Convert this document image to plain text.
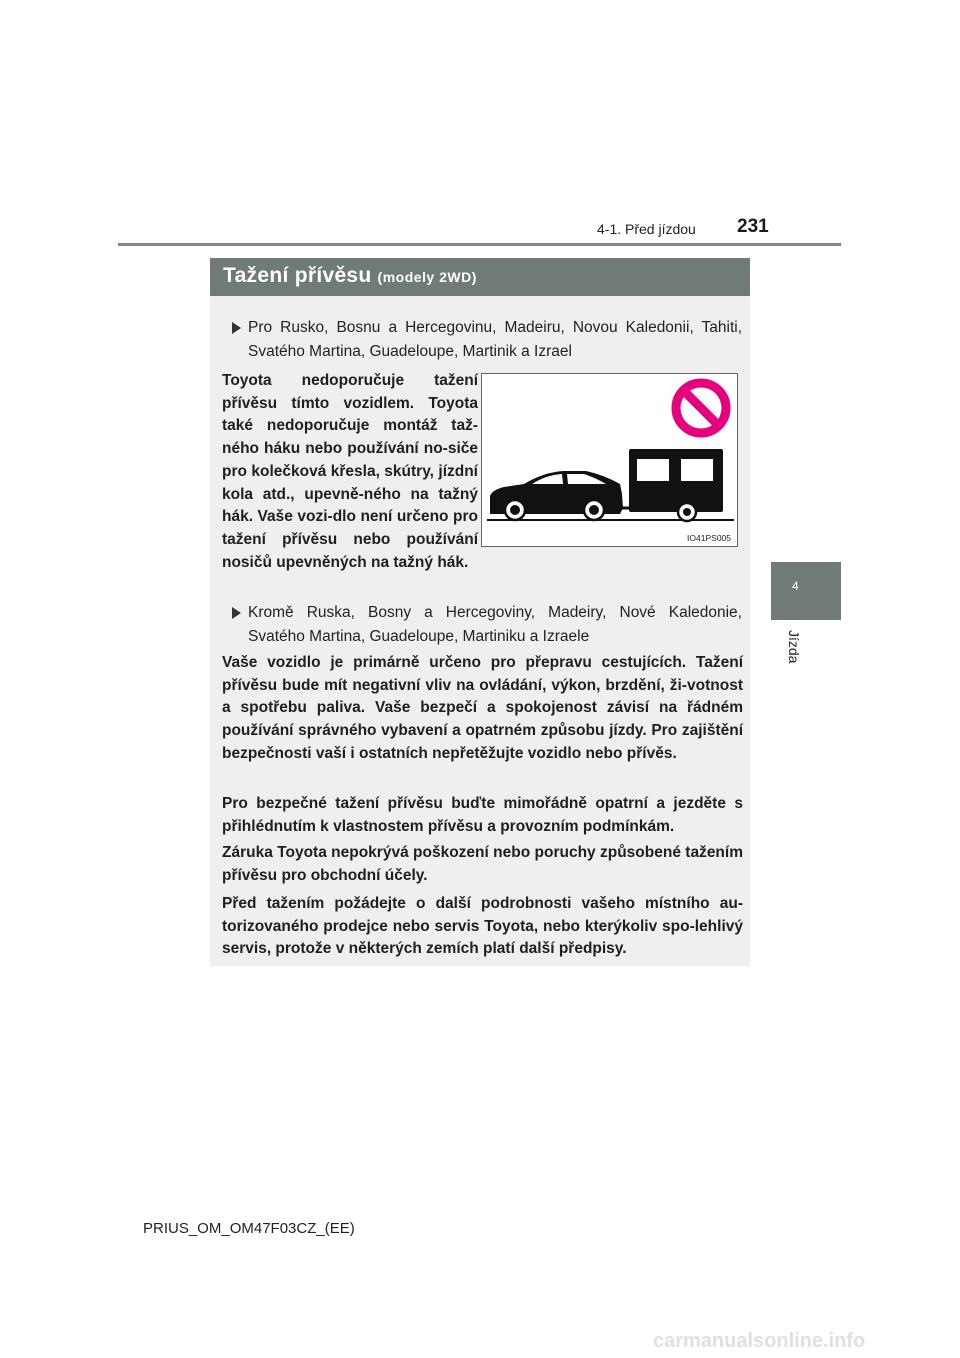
231
4-1. Před jízdou
4
Jízda
Tažení přívěsu (modely 2WD)
Pro Rusko, Bosnu a Hercegovinu, Madeiru, Novou Kaledonii, Tahiti,
Svatého Martina, Guadeloupe, Martinik a Izrael
Toyota nedoporučuje tažení přívěsu tímto vozidlem. Toyota také nedoporučuje montáž taž-ného háku nebo používání no-siče pro kolečková křesla, skútry, jízdní kola atd., upevně-ného na tažný hák. Vaše vozi-dlo není určeno pro tažení přívěsu nebo používání nosičů upevněných na tažný hák.
Kromě Ruska, Bosny a Hercegoviny, Madeiry, Nové Kaledonie,
Svatého Martina, Guadeloupe, Martiniku a Izraele
Vaše vozidlo je primárně určeno pro přepravu cestujících. Tažení přívěsu bude mít negativní vliv na ovládání, výkon, brzdění, ži-votnost a spotřebu paliva. Vaše bezpečí a spokojenost závisí na řádném používání správného vybavení a opatrném způsobu jízdy. Pro zajištění bezpečnosti vaší i ostatních nepřetěžujte vozidlo nebo přívěs.
Pro bezpečné tažení přívěsu buďte mimořádně opatrní a jezděte s přihlédnutím k vlastnostem přívěsu a provozním podmínkám.
Záruka Toyota nepokrývá poškození nebo poruchy způsobené tažením přívěsu pro obchodní účely.
Před tažením požádejte o další podrobnosti vašeho místního au-torizovaného prodejce nebo servis Toyota, nebo kterýkoliv spo-lehlivý servis, protože v některých zemích platí další předpisy.
IO41PS005
PRIUS_OM_OM47F03CZ_(EE)
carmanualsonline.info
